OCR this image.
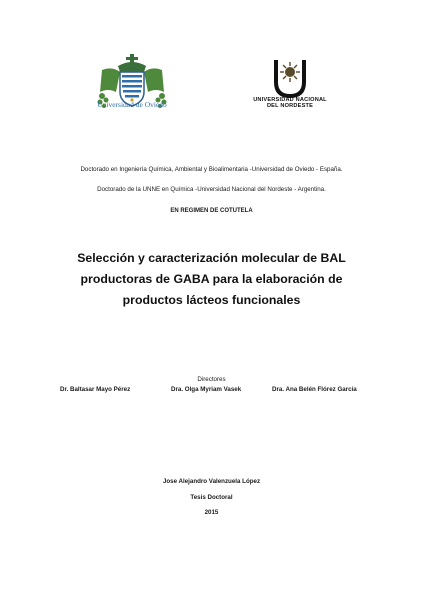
Universidad de Oviedo	UNIVERSIDAD NACIONAL
DEL NORDESTE
Doctorado en Ingeniería Química, Ambiental y Bioalimentaria -Universidad de Oviedo - España.
Doctorado de la UNNE en Química -Universidad Nacional del Nordeste - Argentina.
EN REGIMEN DE COTUTELA
Selección y caracterización molecular de BAL
productoras de GABA para la elaboración de
productos lácteos funcionales
Directores
Dr. Baltasar Mayo Pérez	Dra. Olga Myriam Vasek	Dra. Ana Belén Flórez García
Jose Alejandro Valenzuela López
Tesis Doctoral
2015
